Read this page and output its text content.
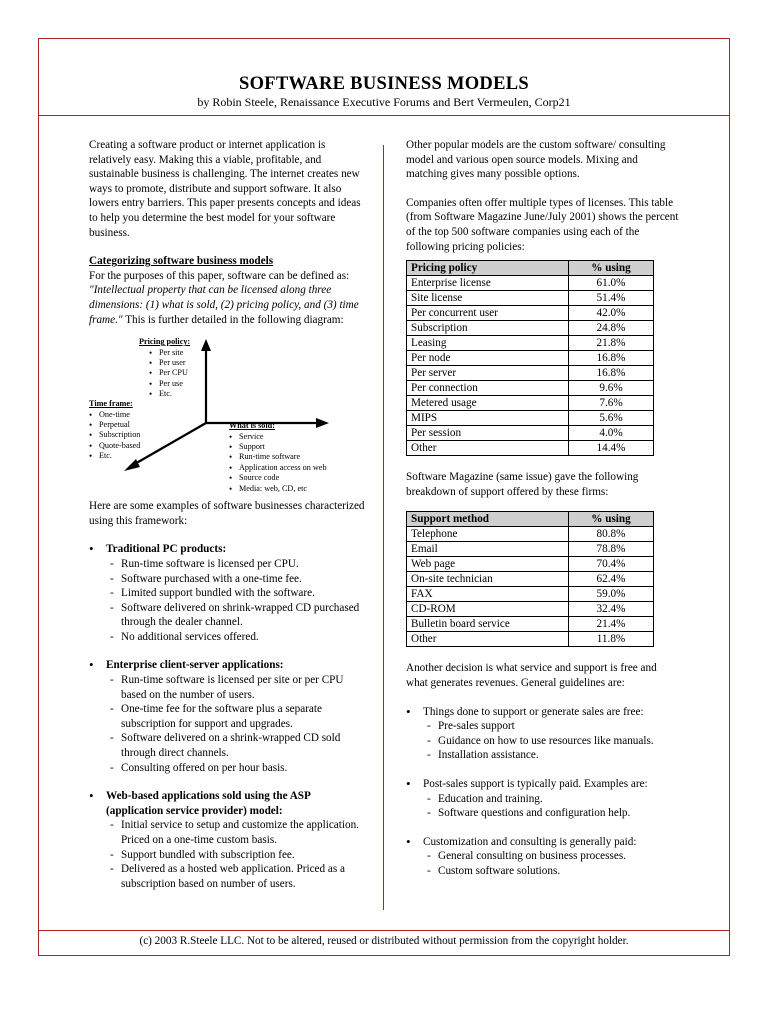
SOFTWARE BUSINESS MODELS
by Robin Steele, Renaissance Executive Forums and Bert Vermeulen, Corp21

Creating a software product or internet application is relatively easy. Making this a viable, profitable, and sustainable business is challenging. The internet creates new ways to promote, distribute and support software. It also lowers entry barriers. This paper presents concepts and ideas to help you determine the best model for your software business.

Categorizing software business models

For the purposes of this paper, software can be defined as: "Intellectual property that can be licensed along three dimensions: (1) what is sold, (2) pricing policy, and (3) time frame." This is further detailed in the following diagram:

Pricing policy:
• Per site
• Per user
• Per CPU
• Per use
• Etc.
Time frame:
• One-time
• Perpetual
• Subscription
• Quote-based
• Etc.
What is sold:
• Service
• Support
• Run-time software
• Application access on web
• Source code
• Media: web, CD, etc

Here are some examples of software businesses characterized using this framework:

• Traditional PC products:
- Run-time software is licensed per CPU.
- Software purchased with a one-time fee.
- Limited support bundled with the software.
- Software delivered on shrink-wrapped CD purchased through the dealer channel.
- No additional services offered.
• Enterprise client-server applications:
- Run-time software is licensed per site or per CPU based on the number of users.
- One-time fee for the software plus a separate subscription for support and upgrades.
- Software delivered on a shrink-wrapped CD sold through direct channels.
- Consulting offered on per hour basis.
• Web-based applications sold using the ASP (application service provider) model:
- Initial service to setup and customize the application. Priced on a one-time custom basis.
- Support bundled with subscription fee.
- Delivered as a hosted web application. Priced as a subscription based on number of users.

Other popular models are the custom software/ consulting model and various open source models. Mixing and matching gives many possible options.

Companies often offer multiple types of licenses. This table (from Software Magazine June/July 2001) shows the percent of the top 500 software companies using each of the following pricing policies:

Pricing policy	% using
Enterprise license	61.0%
Site license	51.4%
Per concurrent user	42.0%
Subscription	24.8%
Leasing	21.8%
Per node	16.8%
Per server	16.8%
Per connection	9.6%
Metered usage	7.6%
MIPS	5.6%
Per session	4.0%
Other	14.4%

Software Magazine (same issue) gave the following breakdown of support offered by these firms:

Support method	% using
Telephone	80.8%
Email	78.8%
Web page	70.4%
On-site technician	62.4%
FAX	59.0%
CD-ROM	32.4%
Bulletin board service	21.4%
Other	11.8%

Another decision is what service and support is free and what generates revenues. General guidelines are:

• Things done to support or generate sales are free:
- Pre-sales support
- Guidance on how to use resources like manuals.
- Installation assistance.
• Post-sales support is typically paid. Examples are:
- Education and training.
- Software questions and configuration help.
• Customization and consulting is generally paid:
- General consulting on business processes.
- Custom software solutions.
(c) 2003 R.Steele LLC. Not to be altered, reused or distributed without permission from the copyright holder.
